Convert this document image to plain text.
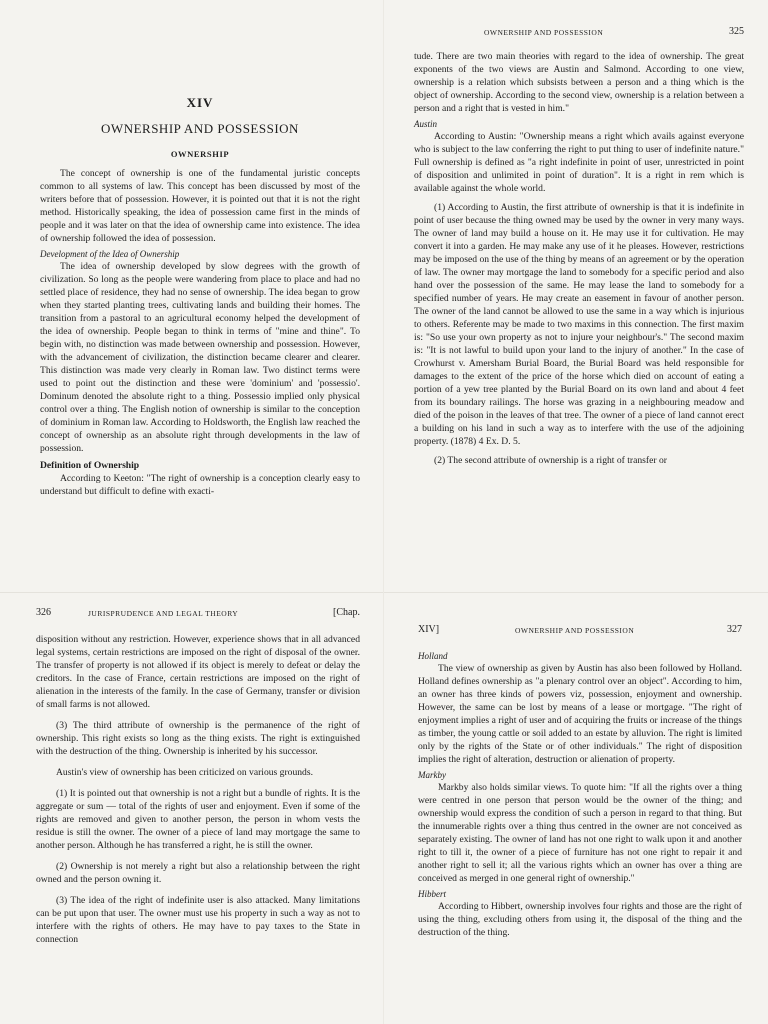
XIV

OWNERSHIP AND POSSESSION

OWNERSHIP

The concept of ownership is one of the fundamental juristic concepts common to all systems of law. This concept has been discussed by most of the writers before that of possession. However, it is pointed out that it is not the right method. Historically speaking, the idea of possession came first in the minds of people and it was later on that the idea of ownership came into existence. The idea of ownership followed the idea of possession.

Development of the Idea of Ownership

The idea of ownership developed by slow degrees with the growth of civilization. So long as the people were wandering from place to place and had no settled place of residence, they had no sense of ownership. The idea began to grow when they started planting trees, cultivating lands and building their homes. The transition from a pastoral to an agricultural economy helped the development of the idea of ownership. People began to think in terms of "mine and thine". To begin with, no distinction was made between ownership and possession. However, with the advancement of civilization, the distinction became clearer and clearer. This distinction was made very clearly in Roman law. Two distinct terms were used to point out the distinction and these were 'dominium' and 'possessio'. Dominum denoted the absolute right to a thing. Possessio implied only physical control over a thing. The English notion of ownership is similar to the conception of dominium in Roman law. According to Holdsworth, the English law reached the concept of ownership as an absolute right through developments in the law of possession.

Definition of Ownership

According to Keeton: "The right of ownership is a conception clearly easy to understand but difficult to define with exacti-

OWNERSHIP AND POSSESSION	325

tude. There are two main theories with regard to the idea of ownership. The great exponents of the two views are Austin and Salmond. According to one view, ownership is a relation which subsists between a person and a thing which is the object of ownership. According to the second view, ownership is a relation between a person and a right that is vested in him."

Austin

According to Austin: "Ownership means a right which avails against everyone who is subject to the law conferring the right to put thing to user of indefinite nature." Full ownership is defined as "a right indefinite in point of user, unrestricted in point of disposition and unlimited in point of duration". It is a right in rem which is available against the whole world.

(1) According to Austin, the first attribute of ownership is that it is indefinite in point of user because the thing owned may be used by the owner in very many ways. The owner of land may build a house on it. He may use it for cultivation. He may convert it into a garden. He may make any use of it he pleases. However, restrictions may be imposed on the use of the thing by means of an agreement or by the operation of law. The owner may mortgage the land to somebody for a specific period and also hand over the possession of the same. He may lease the land to somebody for a specified number of years. He may create an easement in favour of another person. The owner of the land cannot be allowed to use the same in a way which is injurious to others. Referente may be made to two maxims in this connection. The first maxim is: "So use your own property as not to injure your neighbour's." The second maxim is: "It is not lawful to build upon your land to the injury of another." In the case of Crowhurst v. Amersham Burial Board, the Burial Board was held responsible for damages to the extent of the price of the horse which died on account of eating a portion of a yew tree planted by the Burial Board on its own land and about 4 feet from its boundary railings. The horse was grazing in a neighbouring meadow and died of the poison in the leaves of that tree. The owner of a piece of land cannot erect a building on his land in such a way as to interfere with the use of the adjoining property. (1878) 4 Ex. D. 5.

(2) The second attribute of ownership is a right of transfer or

326	JURISPRUDENCE AND LEGAL THEORY	[Chap.

disposition without any restriction. However, experience shows that in all advanced legal systems, certain restrictions are imposed on the right of disposal of the owner. The transfer of property is not allowed if its object is merely to defeat or delay the creditors. In the case of France, certain restrictions are imposed on the right of alienation in the interests of the family. In the case of Germany, transfer or division of small farms is not allowed.

(3) The third attribute of ownership is the permanence of the right of ownership. This right exists so long as the thing exists. The right is extinguished with the destruction of the thing. Ownership is inherited by his successor.

Austin's view of ownership has been criticized on various grounds.

(1) It is pointed out that ownership is not a right but a bundle of rights. It is the aggregate or sum — total of the rights of user and enjoyment. Even if some of the rights are removed and given to another person, the person in whom vests the residue is still the owner. The owner of a piece of land may mortgage the same to another person. Although he has transferred a right, he is still the owner.

(2) Ownership is not merely a right but also a relationship between the right owned and the person owning it.

(3) The idea of the right of indefinite user is also attacked. Many limitations can be put upon that user. The owner must use his property in such a way as not to interfere with the rights of others. He may have to pay taxes to the State in connection

XIV]	OWNERSHIP AND POSSESSION	327

Holland

The view of ownership as given by Austin has also been followed by Holland. Holland defines ownership as "a plenary control over an object". According to him, an owner has three kinds of powers viz, possession, enjoyment and ownership. However, the same can be lost by means of a lease or mortgage. "The right of enjoyment implies a right of user and of acquiring the fruits or increase of the things as timber, the young cattle or soil added to an estate by alluvion. The right is limited only by the rights of the State or of other individuals." The right of disposition implies the right of alteration, destruction or alienation of property.

Markby

Markby also holds similar views. To quote him: "If all the rights over a thing were centred in one person that person would be the owner of the thing; and ownership would express the condition of such a person in regard to that thing. But the innumerable rights over a thing thus centred in the owner are not conceived as separately existing. The owner of land has not one right to walk upon it and another right to till it, the owner of a piece of furniture has not one right to repair it and another right to sell it; all the various rights which an owner has over a thing are conceived as merged in one general right of ownership."

Hibbert

According to Hibbert, ownership involves four rights and those are the right of using the thing, excluding others from using it, the disposal of the thing and the destruction of the thing.
